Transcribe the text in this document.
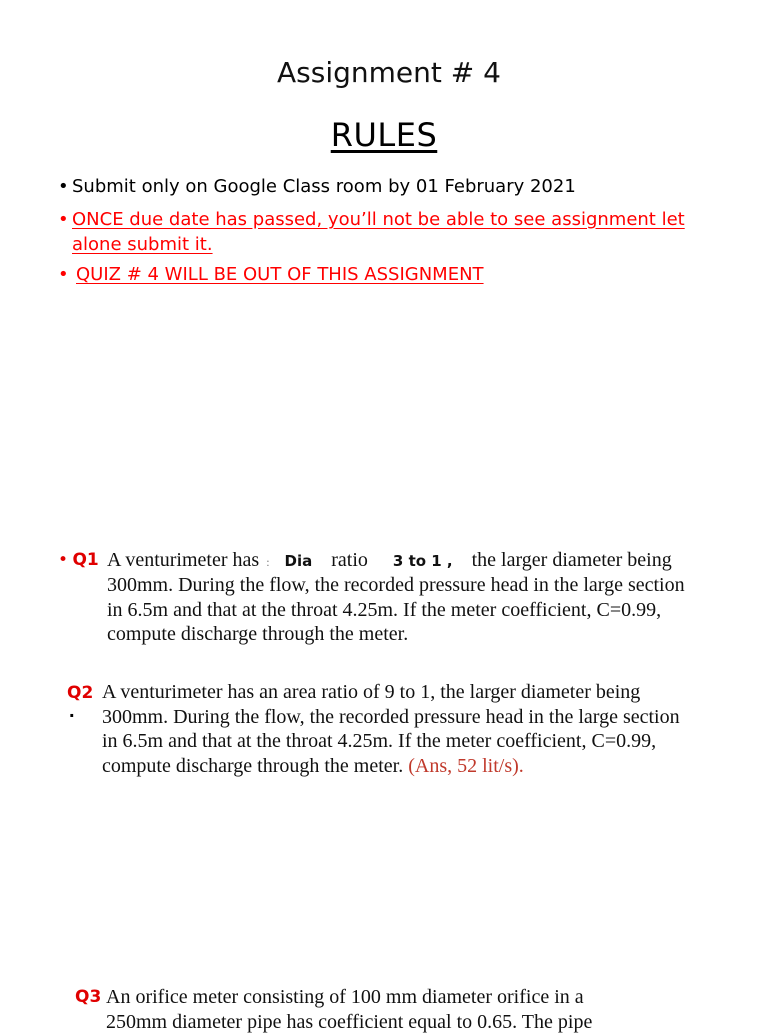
Assignment # 4
RULES
• Submit only on Google Class room by 01 February 2021
• ONCE due date has passed, you’ll not be able to see assignment let
alone submit it.
• QUIZ # 4 WILL BE OUT OF THIS ASSIGNMENT
• Q1 A venturimeter has : Dia ratio 3 to 1 , the larger diameter being
300mm. During the flow, the recorded pressure head in the large section
in 6.5m and that at the throat 4.25m. If the meter coefficient, C=0.99,
compute discharge through the meter.
Q2
.
A venturimeter has an area ratio of 9 to 1, the larger diameter being
300mm. During the flow, the recorded pressure head in the large section
in 6.5m and that at the throat 4.25m. If the meter coefficient, C=0.99,
compute discharge through the meter. (Ans, 52 lit/s).
Q3 An orifice meter consisting of 100 mm diameter orifice in a
250mm diameter pipe has coefficient equal to 0.65. The pipe
